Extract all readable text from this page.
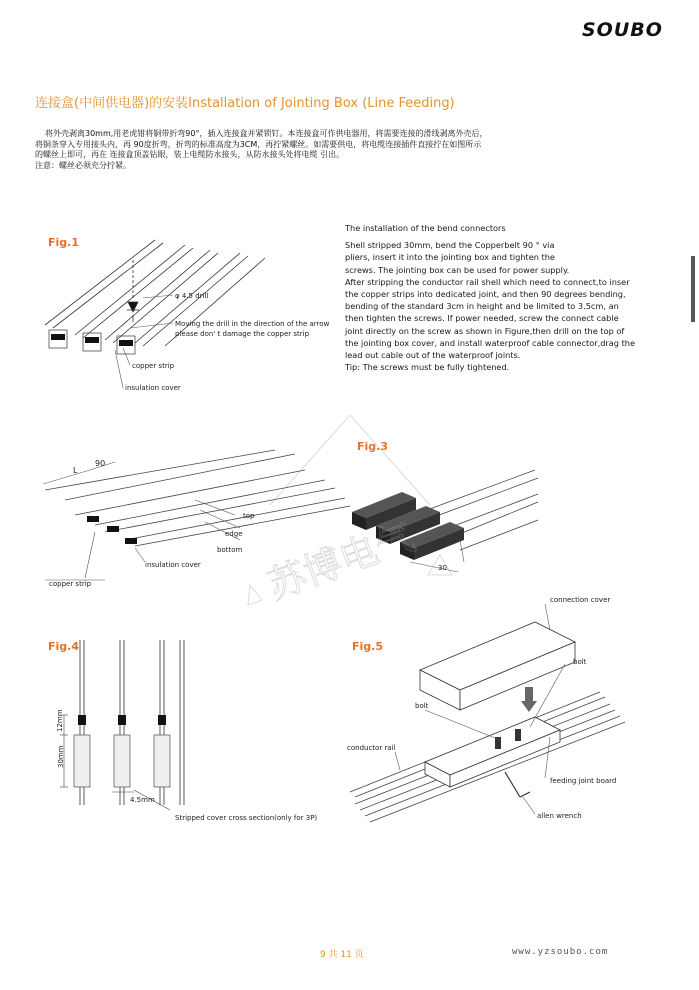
SOUBO
连接盒(中间供电器)的安装Installation of Jointing Box (Line Feeding)

将外壳剥离30mm,用老虎钳将铜带折弯90°，插入连接盒并紧锁钉。本连接盒可作供电器用，将需要连接的滑线剥离外壳后，

将铜条穿入专用接头内，再 90度折弯，折弯的标准高度为3CM，再拧紧螺丝。如需要供电，将电缆连接插件直接拧在如图所示

的螺丝上即可，再在 连接盒顶盖钻眼，装上电缆防水接头，从防水接头处将电缆 引出。

注意：螺丝必须充分拧紧。

The installation of the bend connectors

Shell stripped 30mm, bend the Copperbelt 90 ° via

pliers, insert it into the jointing box and tighten the

screws. The jointing box can be used for power supply.

After stripping the conductor rail shell which need to connect,to inser

the copper strips into dedicated joint, and then 90 degrees bending,

bending of the standard 3cm in height and be limited to 3.5cm, an

then tighten the screws. If power needed, screw the connect cable

joint directly on the screw as shown in Figure,then drill on the top of

the jointing box cover, and install waterproof cable connector,drag the

lead out cable out of the waterproof joints.

Tip: The screws must be fully tightened.

Fig.1
φ 4.5 drill
Moving the drill in the direction of the arrow
please don' t damage the copper strip
copper strip
insulation cover
L
90
top
edge
bottom
insulation cover
copper strip
Fig.3
30
苏博电气
Fig.4
12mm
30mm
4.5mm
Stripped cover cross section(only for 3P)
Fig.5
connection cover
bolt
bolt
conductor rail
feeding joint board
allen wrench
9 共 11 页	www.yzsoubo.com
